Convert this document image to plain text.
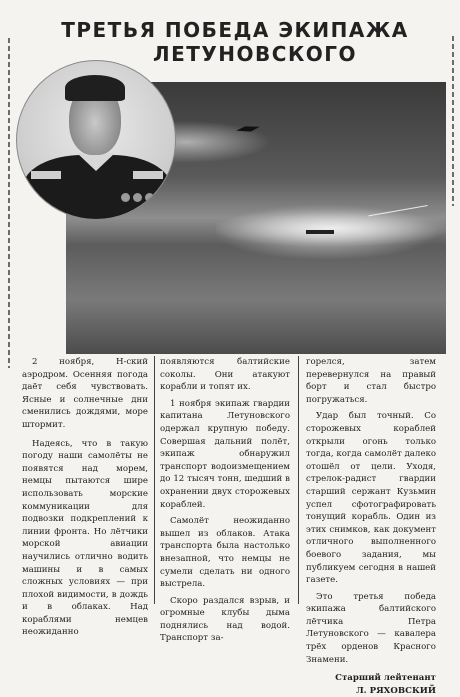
ТРЕТЬЯ ПОБЕДА ЭКИПАЖА
ЛЕТУНОВСКОГО

2 ноября, Н-ский аэродром. Осенняя погода даёт себя чувствовать. Ясные и солнечные дни сменились дождями, море штормит.

Надеясь, что в такую погоду наши самолёты не появятся над морем, немцы пытаются шире использовать морские коммуникации для подвозки подкреплений к линии фронта. Но лётчики морской авиации научились отлично водить машины и в самых сложных условиях — при плохой видимости, в дождь и в облаках. Над кораблями немцев неожиданно

появляются балтийские соколы. Они атакуют корабли и топят их.

1 ноября экипаж гвардии капитана Летуновского одержал крупную победу. Совершая дальний полёт, экипаж обнаружил транспорт водоизмещением до 12 тысяч тонн, шедший в охранении двух сторожевых кораблей.

Самолёт неожиданно вышел из облаков. Атака транспорта была настолько внезапной, что немцы не сумели сделать ни одного выстрела.

Скоро раздался взрыв, и огромные клубы дыма поднялись над водой. Транспорт за-

горелся, затем перевернулся на правый борт и стал быстро погружаться.

Удар был точный. Со сторожевых кораблей открыли огонь только тогда, когда самолёт далеко отошёл от цели. Уходя, стрелок-радист гвардии старший сержант Кузьмин успел сфотографировать тонущий корабль. Один из этих снимков, как документ отличного выполненного боевого задания, мы публикуем сегодня в нашей газете.

Это третья победа экипажа балтийского лётчика Петра Летуновского — кавалера трёх орденов Красного Знамени.

Старший лейтенант
Л. РЯХОВСКИЙ
